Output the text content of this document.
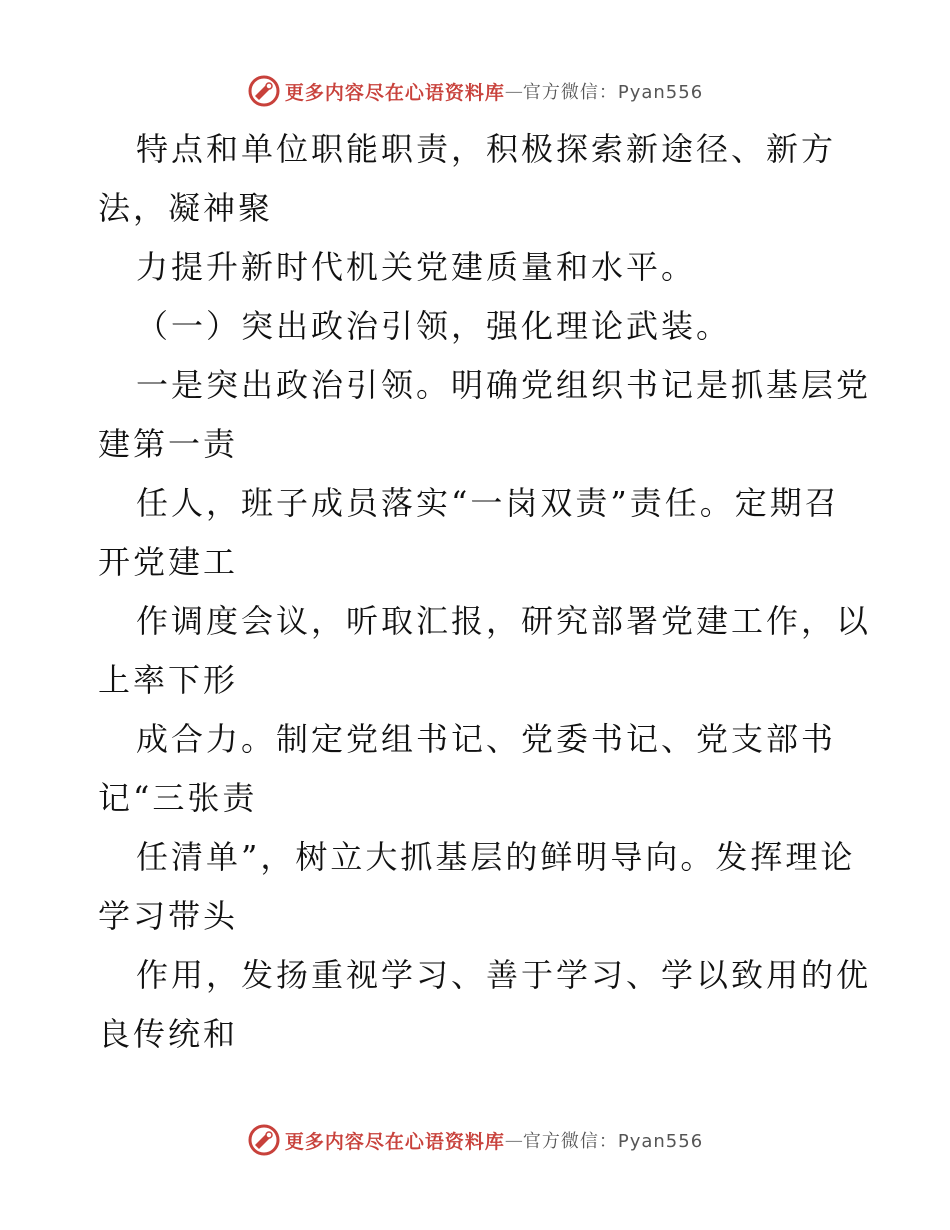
更多内容尽在心语资料库 — 官方微信：Pyan556

特点和单位职能职责，积极探索新途径、新方

法，凝神聚

力提升新时代机关党建质量和水平。

（一）突出政治引领，强化理论武装。

一是突出政治引领。明确党组织书记是抓基层党

建第一责

任人，班子成员落实“一岗双责”责任。定期召

开党建工

作调度会议，听取汇报，研究部署党建工作，以

上率下形

成合力。制定党组书记、党委书记、党支部书

记“三张责

任清单”，树立大抓基层的鲜明导向。发挥理论

学习带头

作用，发扬重视学习、善于学习、学以致用的优

良传统和

更多内容尽在心语资料库 — 官方微信：Pyan556
